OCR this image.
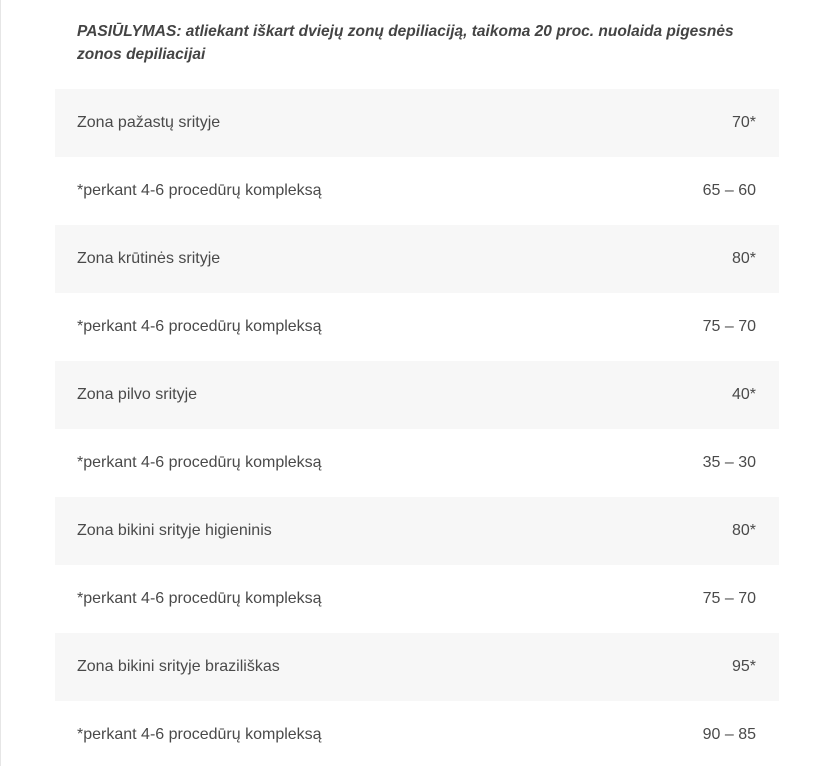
PASIŪLYMAS: atliekant iškart dviejų zonų depiliaciją, taikoma 20 proc. nuolaida pigesnės zonos depiliacijai
Zona pažastų srityje	70*
*perkant 4-6 procedūrų kompleksą	65 – 60
Zona krūtinės srityje	80*
*perkant 4-6 procedūrų kompleksą	75 – 70
Zona pilvo srityje	40*
*perkant 4-6 procedūrų kompleksą	35 – 30
Zona bikini srityje higieninis	80*
*perkant 4-6 procedūrų kompleksą	75 – 70
Zona bikini srityje braziliškas	95*
*perkant 4-6 procedūrų kompleksą	90 – 85
